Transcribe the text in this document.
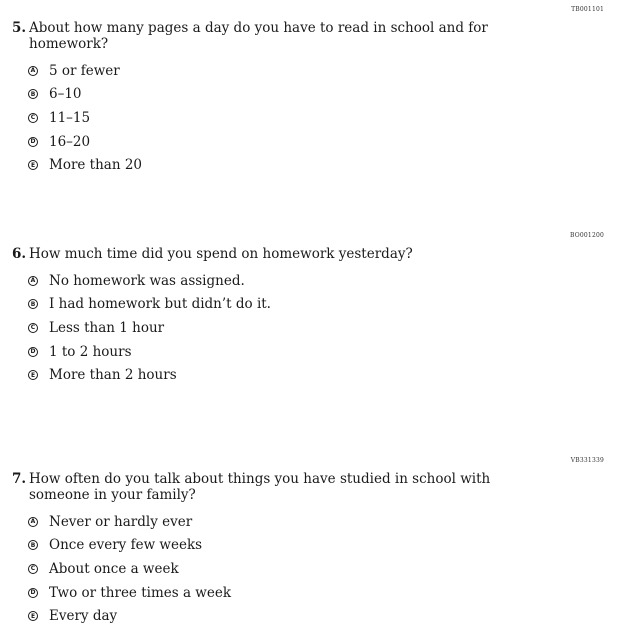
TB001101
5. About how many pages a day do you have to read in school and for homework?
A 5 or fewer
B 6–10
C 11–15
D 16–20
E More than 20
BO001200
6. How much time did you spend on homework yesterday?
A No homework was assigned.
B I had homework but didn’t do it.
C Less than 1 hour
D 1 to 2 hours
E More than 2 hours
VB331339
7. How often do you talk about things you have studied in school with someone in your family?
A Never or hardly ever
B Once every few weeks
C About once a week
D Two or three times a week
E Every day
